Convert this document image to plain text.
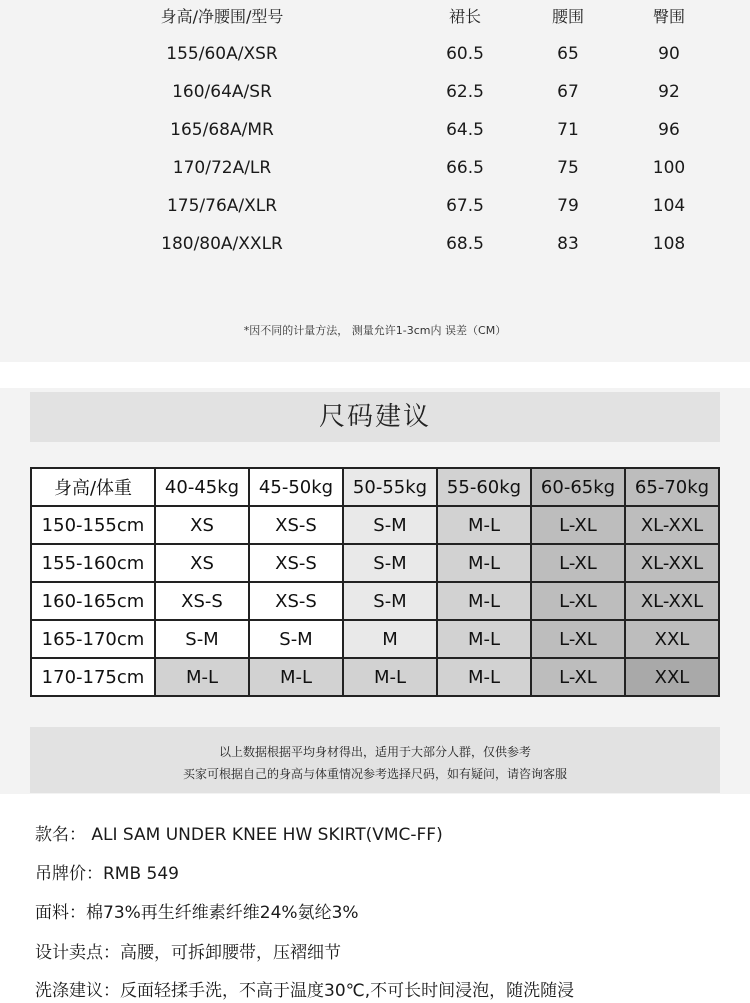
身高/净腰围/型号	裙长	腰围	臀围
155/60A/XSR	60.5	65	90
160/64A/SR	62.5	67	92
165/68A/MR	64.5	71	96
170/72A/LR	66.5	75	100
175/76A/XLR	67.5	79	104
180/80A/XXLR	68.5	83	108
*因不同的计量方法， 测量允许1-3cm内 误差（CM）
尺码建议
身高/体重	40-45kg	45-50kg	50-55kg	55-60kg	60-65kg	65-70kg
150-155cm	XS	XS-S	S-M	M-L	L-XL	XL-XXL
155-160cm	XS	XS-S	S-M	M-L	L-XL	XL-XXL
160-165cm	XS-S	XS-S	S-M	M-L	L-XL	XL-XXL
165-170cm	S-M	S-M	M	M-L	L-XL	XXL
170-175cm	M-L	M-L	M-L	M-L	L-XL	XXL
以上数据根据平均身材得出，适用于大部分人群，仅供参考
买家可根据自己的身高与体重情况参考选择尺码，如有疑问，请咨询客服
款名： ALI SAM UNDER KNEE HW SKIRT(VMC-FF)
吊牌价：RMB 549
面料：棉73%再生纤维素纤维24%氨纶3%
设计卖点：高腰，可拆卸腰带，压褶细节
洗涤建议：反面轻揉手洗，不高于温度30℃,不可长时间浸泡，随洗随浸
